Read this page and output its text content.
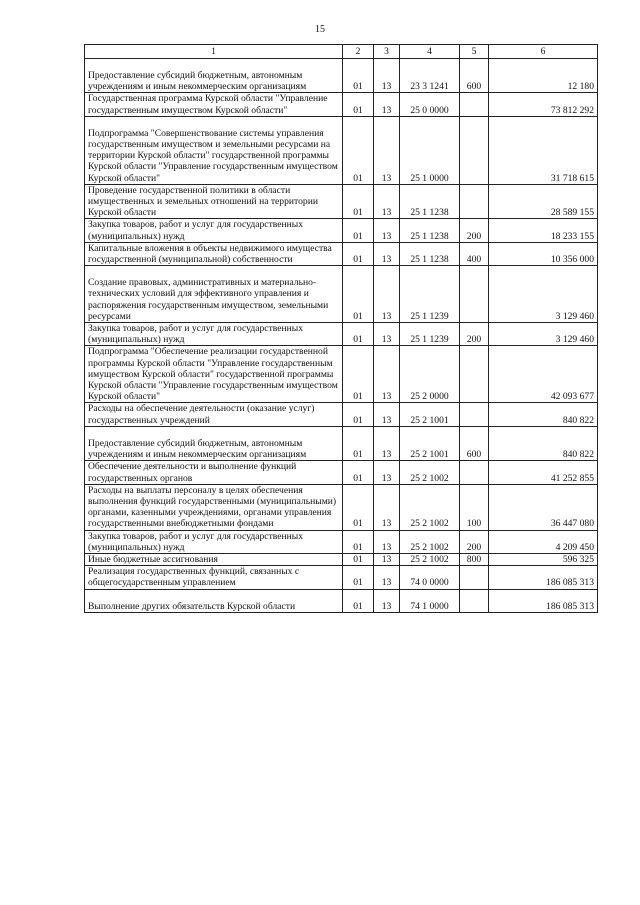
15
1	2	3	4	5	6
Предоставление субсидий бюджетным, автономным учреждениям и иным некоммерческим организациям	01	13	23 3 1241	600	12 180
Государственная программа Курской области "Управление государственным имуществом Курской области"	01	13	25 0 0000		73 812 292
Подпрограмма "Совершенствование системы управления государственным имуществом и земельными ресурсами на территории Курской области" государственной программы Курской области "Управление государственным имуществом Курской области"	01	13	25 1 0000		31 718 615
Проведение государственной политики в области имущественных и земельных отношений на территории Курской области	01	13	25 1 1238		28 589 155
Закупка товаров, работ и услуг для государственных (муниципальных) нужд	01	13	25 1 1238	200	18 233 155
Капитальные вложения в объекты недвижимого имущества государственной (муниципальной) собственности	01	13	25 1 1238	400	10 356 000
Создание правовых, административных и материально-технических условий для эффективного управления и распоряжения государственным имуществом, земельными ресурсами	01	13	25 1 1239		3 129 460
Закупка товаров, работ и услуг для государственных (муниципальных) нужд	01	13	25 1 1239	200	3 129 460
Подпрограмма "Обеспечение реализации государственной программы Курской области "Управление государственным имуществом Курской области" государственной программы Курской области "Управление государственным имуществом Курской области"	01	13	25 2 0000		42 093 677
Расходы на обеспечение деятельности (оказание услуг) государственных учреждений	01	13	25 2 1001		840 822
Предоставление субсидий бюджетным, автономным учреждениям и иным некоммерческим организациям	01	13	25 2 1001	600	840 822
Обеспечение деятельности и выполнение функций государственных органов	01	13	25 2 1002		41 252 855
Расходы на выплаты персоналу в целях обеспечения выполнения функций государственными (муниципальными) органами, казенными учреждениями, органами управления государственными внебюджетными фондами	01	13	25 2 1002	100	36 447 080
Закупка товаров, работ и услуг для государственных (муниципальных) нужд	01	13	25 2 1002	200	4 209 450
Иные бюджетные ассигнования	01	13	25 2 1002	800	596 325
Реализация государственных функций, связанных с общегосударственным управлением	01	13	74 0 0000		186 085 313
Выполнение других обязательств Курской области	01	13	74 1 0000		186 085 313
